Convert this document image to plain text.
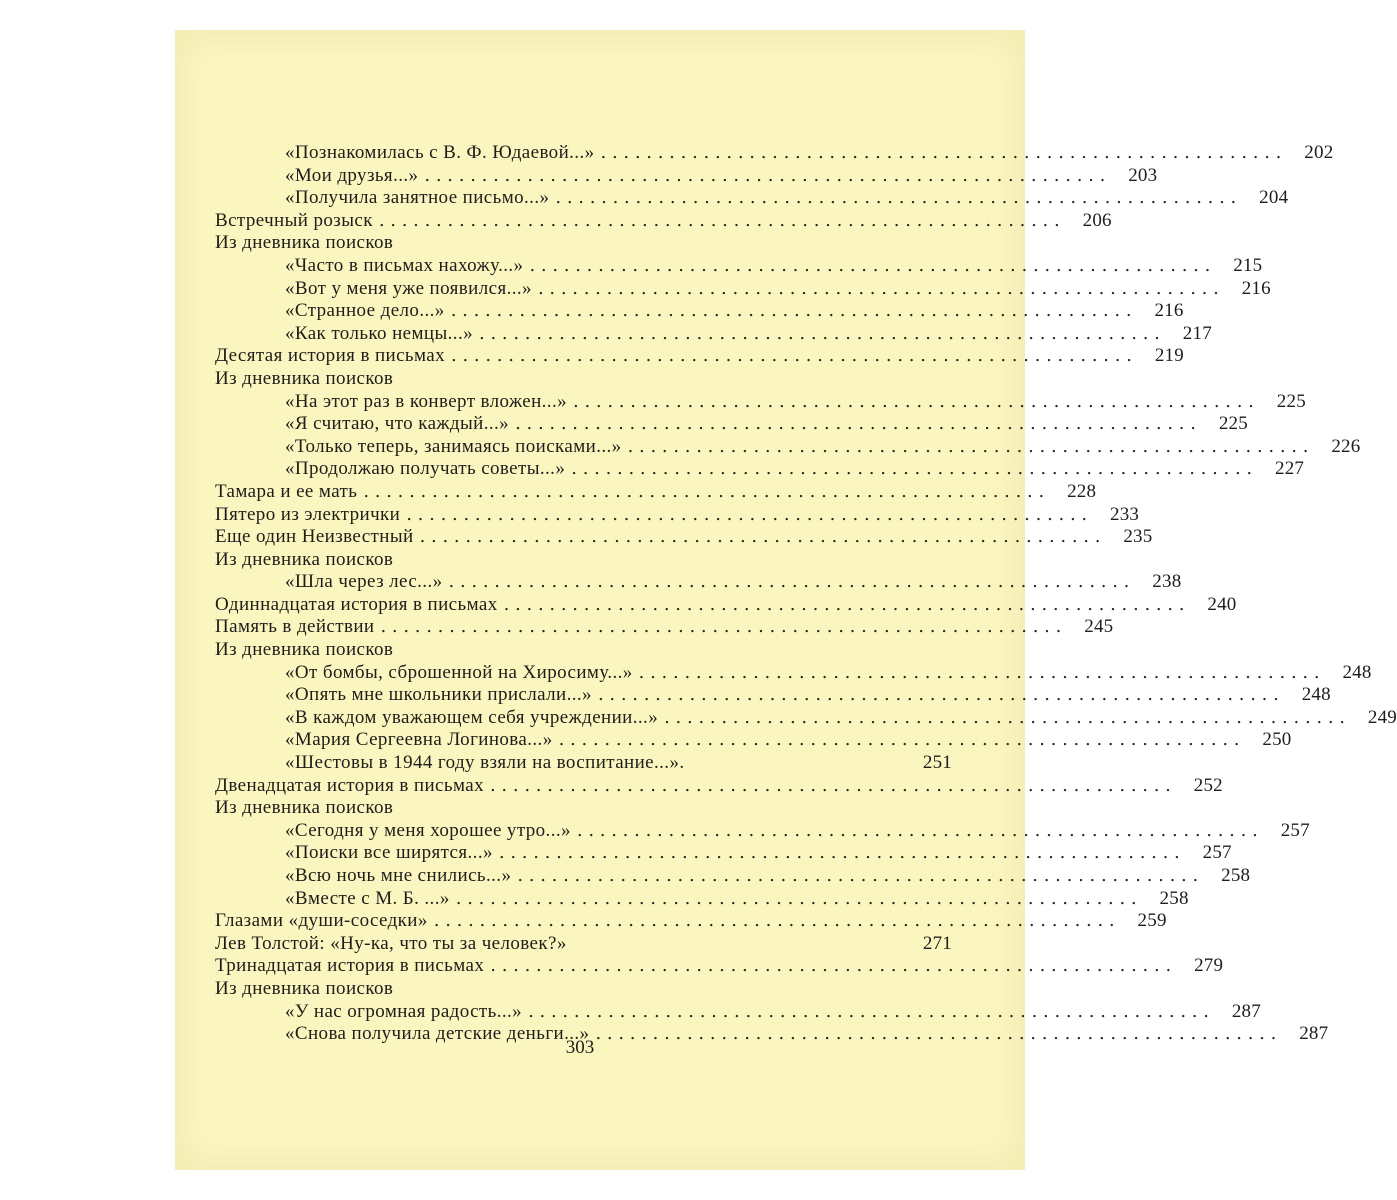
«Познакомилась с В. Ф. Юдаевой...» . . . . . . . . . . . . . . . . . . . . . . . . . . . . . . . . . . . . . . . . . . . . . . . . . . . . . . . . . . . .	202
«Мои друзья...» . . . . . . . . . . . . . . . . . . . . . . . . . . . . . . . . . . . . . . . . . . . . . . . . . . . . . . . . . . . .	203
«Получила занятное письмо...» . . . . . . . . . . . . . . . . . . . . . . . . . . . . . . . . . . . . . . . . . . . . . . . . . . . . . . . . . . . .	204
Встречный розыск . . . . . . . . . . . . . . . . . . . . . . . . . . . . . . . . . . . . . . . . . . . . . . . . . . . . . . . . . . . .	206
Из дневника поисков
«Часто в письмах нахожу...» . . . . . . . . . . . . . . . . . . . . . . . . . . . . . . . . . . . . . . . . . . . . . . . . . . . . . . . . . . . .	215
«Вот у меня уже появился...» . . . . . . . . . . . . . . . . . . . . . . . . . . . . . . . . . . . . . . . . . . . . . . . . . . . . . . . . . . . .	216
«Странное дело...» . . . . . . . . . . . . . . . . . . . . . . . . . . . . . . . . . . . . . . . . . . . . . . . . . . . . . . . . . . . .	216
«Как только немцы...» . . . . . . . . . . . . . . . . . . . . . . . . . . . . . . . . . . . . . . . . . . . . . . . . . . . . . . . . . . . .	217
Десятая история в письмах . . . . . . . . . . . . . . . . . . . . . . . . . . . . . . . . . . . . . . . . . . . . . . . . . . . . . . . . . . . .	219
Из дневника поисков
«На этот раз в конверт вложен...» . . . . . . . . . . . . . . . . . . . . . . . . . . . . . . . . . . . . . . . . . . . . . . . . . . . . . . . . . . . .	225
«Я считаю, что каждый...» . . . . . . . . . . . . . . . . . . . . . . . . . . . . . . . . . . . . . . . . . . . . . . . . . . . . . . . . . . . .	225
«Только теперь, занимаясь поисками...» . . . . . . . . . . . . . . . . . . . . . . . . . . . . . . . . . . . . . . . . . . . . . . . . . . . . . . . . . . . .	226
«Продолжаю получать советы...» . . . . . . . . . . . . . . . . . . . . . . . . . . . . . . . . . . . . . . . . . . . . . . . . . . . . . . . . . . . .	227
Тамара и ее мать . . . . . . . . . . . . . . . . . . . . . . . . . . . . . . . . . . . . . . . . . . . . . . . . . . . . . . . . . . . .	228
Пятеро из электрички . . . . . . . . . . . . . . . . . . . . . . . . . . . . . . . . . . . . . . . . . . . . . . . . . . . . . . . . . . . .	233
Еще один Неизвестный . . . . . . . . . . . . . . . . . . . . . . . . . . . . . . . . . . . . . . . . . . . . . . . . . . . . . . . . . . . .	235
Из дневника поисков
«Шла через лес...» . . . . . . . . . . . . . . . . . . . . . . . . . . . . . . . . . . . . . . . . . . . . . . . . . . . . . . . . . . . .	238
Одиннадцатая история в письмах . . . . . . . . . . . . . . . . . . . . . . . . . . . . . . . . . . . . . . . . . . . . . . . . . . . . . . . . . . . .	240
Память в действии . . . . . . . . . . . . . . . . . . . . . . . . . . . . . . . . . . . . . . . . . . . . . . . . . . . . . . . . . . . .	245
Из дневника поисков
«От бомбы, сброшенной на Хиросиму...» . . . . . . . . . . . . . . . . . . . . . . . . . . . . . . . . . . . . . . . . . . . . . . . . . . . . . . . . . . . .	248
«Опять мне школьники прислали...» . . . . . . . . . . . . . . . . . . . . . . . . . . . . . . . . . . . . . . . . . . . . . . . . . . . . . . . . . . . .	248
«В каждом уважающем себя учреждении...» . . . . . . . . . . . . . . . . . . . . . . . . . . . . . . . . . . . . . . . . . . . . . . . . . . . . . . . . . . . .	249
«Мария Сергеевна Логинова...» . . . . . . . . . . . . . . . . . . . . . . . . . . . . . . . . . . . . . . . . . . . . . . . . . . . . . . . . . . . .	250
«Шестовы в 1944 году взяли на воспитание...».	251
Двенадцатая история в письмах . . . . . . . . . . . . . . . . . . . . . . . . . . . . . . . . . . . . . . . . . . . . . . . . . . . . . . . . . . . .	252
Из дневника поисков
«Сегодня у меня хорошее утро...» . . . . . . . . . . . . . . . . . . . . . . . . . . . . . . . . . . . . . . . . . . . . . . . . . . . . . . . . . . . .	257
«Поиски все ширятся...» . . . . . . . . . . . . . . . . . . . . . . . . . . . . . . . . . . . . . . . . . . . . . . . . . . . . . . . . . . . .	257
«Всю ночь мне снились...» . . . . . . . . . . . . . . . . . . . . . . . . . . . . . . . . . . . . . . . . . . . . . . . . . . . . . . . . . . . .	258
«Вместе с М. Б. ...» . . . . . . . . . . . . . . . . . . . . . . . . . . . . . . . . . . . . . . . . . . . . . . . . . . . . . . . . . . . .	258
Глазами «души-соседки» . . . . . . . . . . . . . . . . . . . . . . . . . . . . . . . . . . . . . . . . . . . . . . . . . . . . . . . . . . . .	259
Лев Толстой: «Ну-ка, что ты за человек?»	271
Тринадцатая история в письмах . . . . . . . . . . . . . . . . . . . . . . . . . . . . . . . . . . . . . . . . . . . . . . . . . . . . . . . . . . . .	279
Из дневника поисков
«У нас огромная радость...» . . . . . . . . . . . . . . . . . . . . . . . . . . . . . . . . . . . . . . . . . . . . . . . . . . . . . . . . . . . .	287
«Снова получила детские деньги...» . . . . . . . . . . . . . . . . . . . . . . . . . . . . . . . . . . . . . . . . . . . . . . . . . . . . . . . . . . . .	287
303
